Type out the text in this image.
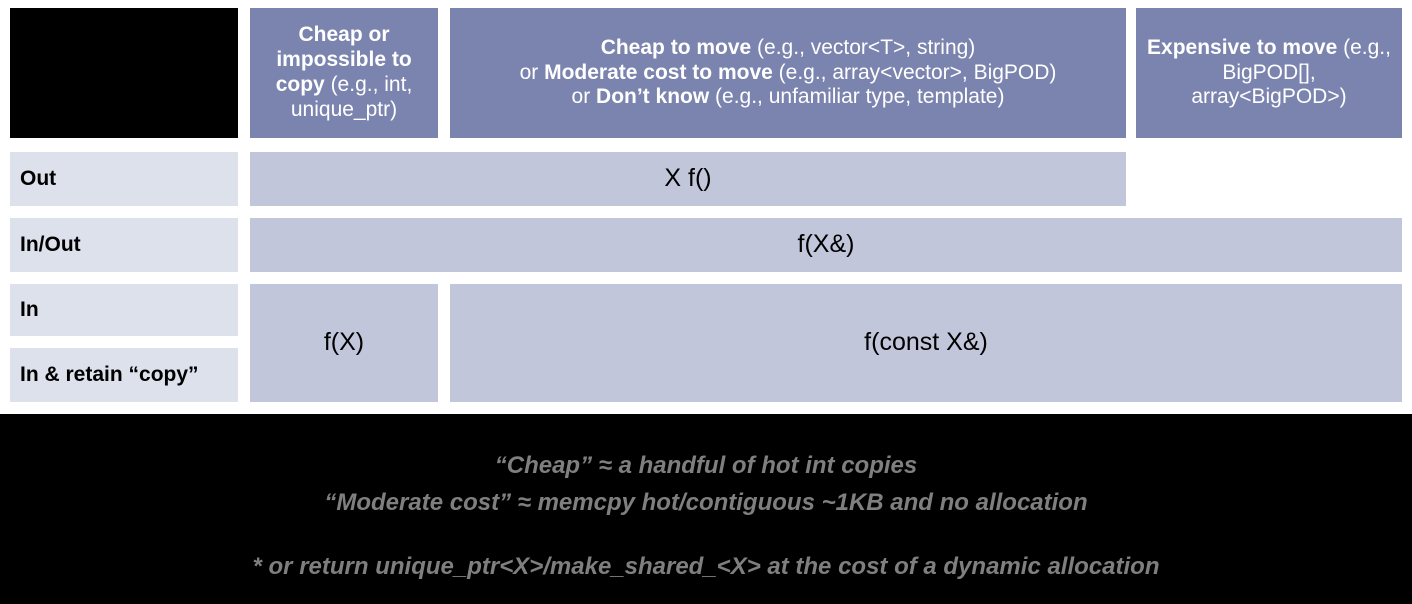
Cheap or impossible to copy (e.g., int, unique_ptr)
Cheap to move (e.g., vector<T>, string)
or Moderate cost to move (e.g., array<vector>, BigPOD)
or Don’t know (e.g., unfamiliar type, template)
Expensive to move (e.g., BigPOD[], array<BigPOD>)
Out
In/Out
In
In & retain “copy”
X f()
f(X&)
f(X)	f(const X&)
“Cheap” ≈ a handful of hot int copies
“Moderate cost” ≈ memcpy hot/contiguous ~1KB and no allocation
* or return unique_ptr<X>/make_shared_<X> at the cost of a dynamic allocation
